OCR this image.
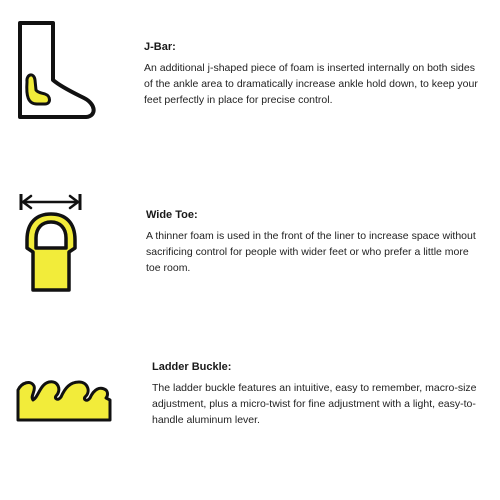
J-Bar:

An additional j-shaped piece of foam is inserted internally on both sides of the ankle area to dramatically increase ankle hold down, to keep your feet perfectly in place for precise control.

Wide Toe:

A thinner foam is used in the front of the liner to increase space without sacrificing control for people with wider feet or who prefer a little more toe room.

Ladder Buckle:

The ladder buckle features an intuitive, easy to remember, macro-size adjustment, plus a micro-twist for fine adjustment with a light, easy-to-handle aluminum lever.
